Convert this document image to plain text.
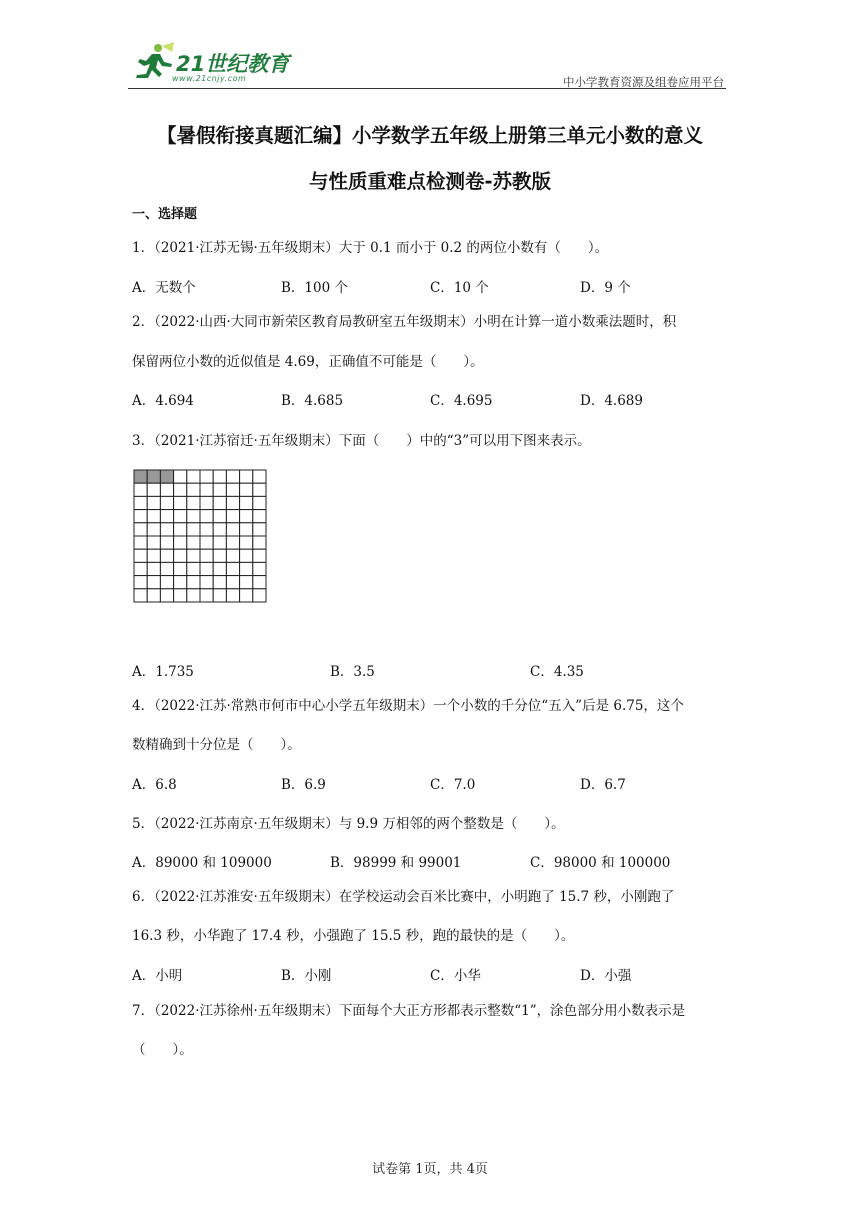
21世纪教育
www.21cnjy.com	中小学教育资源及组卷应用平台
【暑假衔接真题汇编】小学数学五年级上册第三单元小数的意义
与性质重难点检测卷-苏教版
一、选择题
1．（2021·江苏无锡·五年级期末）大于 0.1 而小于 0.2 的两位小数有（　　）。
A．无数个	B．100 个	C．10 个	D．9 个
2．（2022·山西·大同市新荣区教育局教研室五年级期末）小明在计算一道小数乘法题时，积
保留两位小数的近似值是 4.69，正确值不可能是（　　）。
A．4.694	B．4.685	C．4.695	D．4.689
3．（2021·江苏宿迁·五年级期末）下面（　　）中的“3”可以用下图来表示。
A．1.735	B．3.5	C．4.35
4．（2022·江苏·常熟市何市中心小学五年级期末）一个小数的千分位“五入”后是 6.75，这个
数精确到十分位是（　　）。
A．6.8	B．6.9	C．7.0	D．6.7
5．（2022·江苏南京·五年级期末）与 9.9 万相邻的两个整数是（　　）。
A．89000 和 109000	B．98999 和 99001	C．98000 和 100000
6．（2022·江苏淮安·五年级期末）在学校运动会百米比赛中，小明跑了 15.7 秒，小刚跑了
16.3 秒，小华跑了 17.4 秒，小强跑了 15.5 秒，跑的最快的是（　　）。
A．小明	B．小刚	C．小华	D．小强
7．（2022·江苏徐州·五年级期末）下面每个大正方形都表示整数“1”，涂色部分用小数表示是
（　　）。
试卷第 1页，共 4页
